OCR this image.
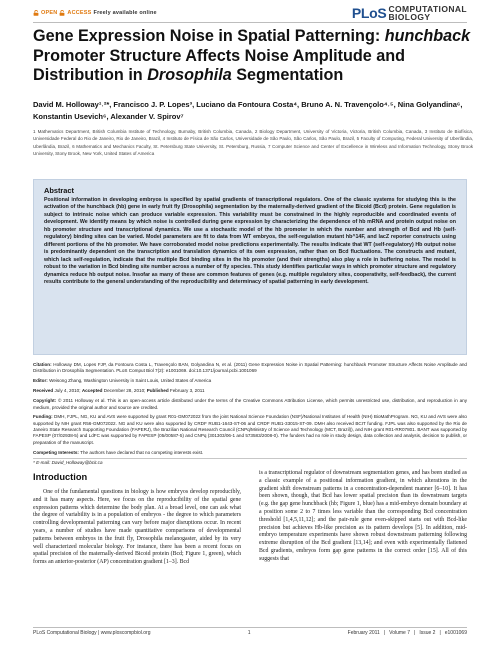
OPEN ACCESS Freely available online	PLoS COMPUTATIONAL
BIOLOGY
Gene Expression Noise in Spatial Patterning: hunchback Promoter Structure Affects Noise Amplitude and Distribution in Drosophila Segmentation

David M. Holloway¹˒²*, Francisco J. P. Lopes³, Luciano da Fontoura Costa⁴, Bruno A. N. Travençolo⁴˒⁵, Nina Golyandina⁶, Konstantin Usevich⁶, Alexander V. Spirov⁷

1 Mathematics Department, British Columbia Institute of Technology, Burnaby, British Columbia, Canada, 2 Biology Department, University of Victoria, Victoria, British Columbia, Canada, 3 Instituto de Biofísica, Universidade Federal do Rio de Janeiro, Rio de Janeiro, Brazil, 4 Instituto de Física de São Carlos, Universidade de São Paulo, São Carlos, São Paulo, Brazil, 5 Faculty of Computing, Federal University of Uberlândia, Uberlândia, Brazil, 6 Mathematics and Mechanics Faculty, St. Petersburg State University, St. Petersburg, Russia, 7 Computer Science and Center of Excellence in Wireless and Information Technology, Stony Brook University, Stony Brook, New York, United States of America

Abstract

Positional information in developing embryos is specified by spatial gradients of transcriptional regulators. One of the classic systems for studying this is the activation of the hunchback (hb) gene in early fruit fly (Drosophila) segmentation by the maternally-derived gradient of the Bicoid (Bcd) protein. Gene regulation is subject to intrinsic noise which can produce variable expression. This variability must be constrained in the highly reproducible and coordinated events of development. We identify means by which noise is controlled during gene expression by characterizing the dependence of hb mRNA and protein output noise on hb promoter structure and transcriptional dynamics. We use a stochastic model of the hb promoter in which the number and strength of Bcd and Hb (self-regulatory) binding sites can be varied. Model parameters are fit to data from WT embryos, the self-regulation mutant hb^14F, and lacZ reporter constructs using different portions of the hb promoter. We have corroborated model noise predictions experimentally. The results indicate that WT (self-regulatory) Hb output noise is predominantly dependent on the transcription and translation dynamics of its own expression, rather than on Bcd fluctuations. The constructs and mutant, which lack self-regulation, indicate that the multiple Bcd binding sites in the hb promoter (and their strengths) also play a role in buffering noise. The model is robust to the variation in Bcd binding site number across a number of fly species. This study identifies particular ways in which promoter structure and regulatory dynamics reduce hb output noise. Insofar as many of these are common features of genes (e.g. multiple regulatory sites, cooperativity, self-feedback), the current results contribute to the general understanding of the reproducibility and determinacy of spatial patterning in early development.

Citation: Holloway DM, Lopes FJP, da Fontoura Costa L, Travençolo BAN, Golyandina N, et al. (2011) Gene Expression Noise in Spatial Patterning: hunchback Promoter Structure Affects Noise Amplitude and Distribution in Drosophila Segmentation. PLoS Comput Biol 7(2): e1001069. doi:10.1371/journal.pcbi.1001069

Editor: Weisong Zhang, Washington University in Saint Louis, United States of America

Received July 4, 2010; Accepted December 28, 2010; Published February 3, 2011

Copyright: © 2011 Holloway et al. This is an open-access article distributed under the terms of the Creative Commons Attribution License, which permits unrestricted use, distribution, and reproduction in any medium, provided the original author and source are credited.

Funding: DMH, FJPL, NG, KU and AVS were supported by grant R01-GM072022 from the joint National Science Foundation (NSF)/National Institutes of Health (NIH) BioMathProgram. NG, KU and AVS were also supported by NIH grant R56-GM072022. NG and KU were also supported by CRDF RUB1-1643-ST-06 and CRDF RUB1-33015-ST-09. DMH also received BCIT funding. FJPL was also supported by the Rio de Janeiro State Research Supporting Foundation (FAPERJ), the Brazilian National Research Council (CNPq/Ministry of Science and Technology (MCT, Brazil)), and NIH grant R01-RR07801. BANT was supported by FAPESP (07/02938-5) and LdFC was supported by FAPESP (05/00587-5) and CNPq (301303/06-1 and 573583/2008-0). The funders had no role in study design, data collection and analysis, decision to publish, or preparation of the manuscript.

Competing Interests: The authors have declared that no competing interests exist.

* E-mail: David_Holloway@bcit.ca

Introduction

One of the fundamental questions in biology is how embryos develop reproducibly, and it has many aspects. Here, we focus on the reproducibility of the spatial gene expression patterns which determine the body plan. At a broad level, one can ask what the degree of variability is in a population of embryos - the degree to which parameters controlling developmental patterning can vary before major disruptions occur. In recent years, a number of studies have made quantitative comparisons of developmental patterns between embryos in the fruit fly, Drosophila melanogaster, aided by its very well characterized molecular biology. For instance, there has been a recent focus on spatial precision of the maternally-derived Bicoid protein (Bcd; Figure 1, green), which forms an anterior-posterior (AP) concentration gradient [1–3]. Bcd

is a transcriptional regulator of downstream segmentation genes, and has been studied as a classic example of a positional information gradient, in which alterations in the gradient shift downstream patterns in a concentration-dependent manner [6–10]. It has been shown, though, that Bcd has lower spatial precision than its downstream targets (e.g. the gap gene hunchback (hb; Figure 1, blue) has a mid-embryo domain boundary at a position some 2 to 7 times less variable than the corresponding Bcd concentration threshold [1,4,5,11,12]; and the pair-rule gene even-skipped starts out with Bcd-like precision but achieves Hb-like precision as its pattern develops [5]. In addition, mid-embryo temperature experiments have shown robust downstream patterning following extreme disruption of the Bcd gradient [13,14]; and even with experimentally flattened Bcd gradients, embryos form gap gene patterns in the correct order [15]. All of this suggests that

PLoS Computational Biology | www.ploscompbiol.org	1	February 2011 | Volume 7 | Issue 2 | e1001069
